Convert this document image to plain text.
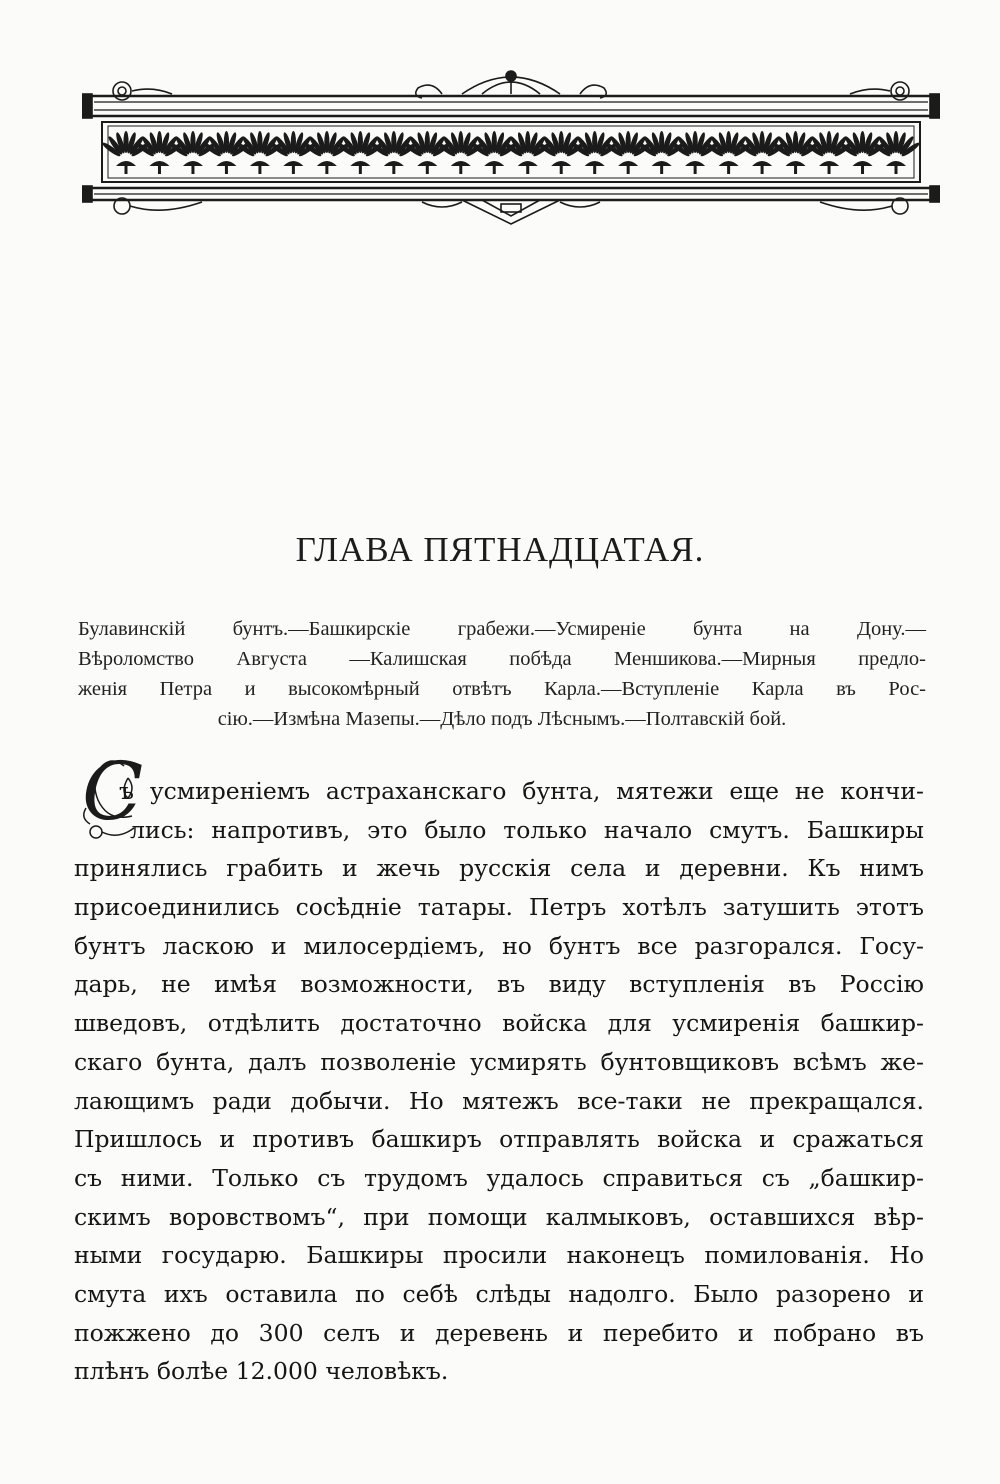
ГЛАВА ПЯТНАДЦАТАЯ.
Булавинскій бунтъ.—Башкирскіе грабежи.—Усмиреніе бунта на Дону.—
Вѣроломство Августа —Калишская побѣда Меншикова.—Мирныя предло-
женія Петра и высокомѣрный отвѣтъ Карла.—Вступленіе Карла въ Рос-
сію.—Измѣна Мазепы.—Дѣло подъ Лѣснымъ.—Полтавскій бой.
С
ъ усмиреніемъ астраханскаго бунта, мятежи еще не кончи-
лись: напротивъ, это было только начало смутъ. Башкиры
принялись грабить и жечь русскія села и деревни. Къ нимъ
присоединились сосѣдніе татары. Петръ хотѣлъ затушить этотъ
бунтъ ласкою и милосердіемъ, но бунтъ все разгорался. Госу-
дарь, не имѣя возможности, въ виду вступленія въ Россію
шведовъ, отдѣлить достаточно войска для усмиренія башкир-
скаго бунта, далъ позволеніе усмирять бунтовщиковъ всѣмъ же-
лающимъ ради добычи. Но мятежъ все-таки не прекращался.
Пришлось и противъ башкиръ отправлять войска и сражаться
съ ними. Только съ трудомъ удалось справиться съ „башкир-
скимъ воровствомъ“, при помощи калмыковъ, оставшихся вѣр-
ными государю. Башкиры просили наконецъ помилованія. Но
смута ихъ оставила по себѣ слѣды надолго. Было разорено и
пожжено до 300 селъ и деревень и перебито и побрано въ
плѣнъ болѣе 12.000 человѣкъ.
